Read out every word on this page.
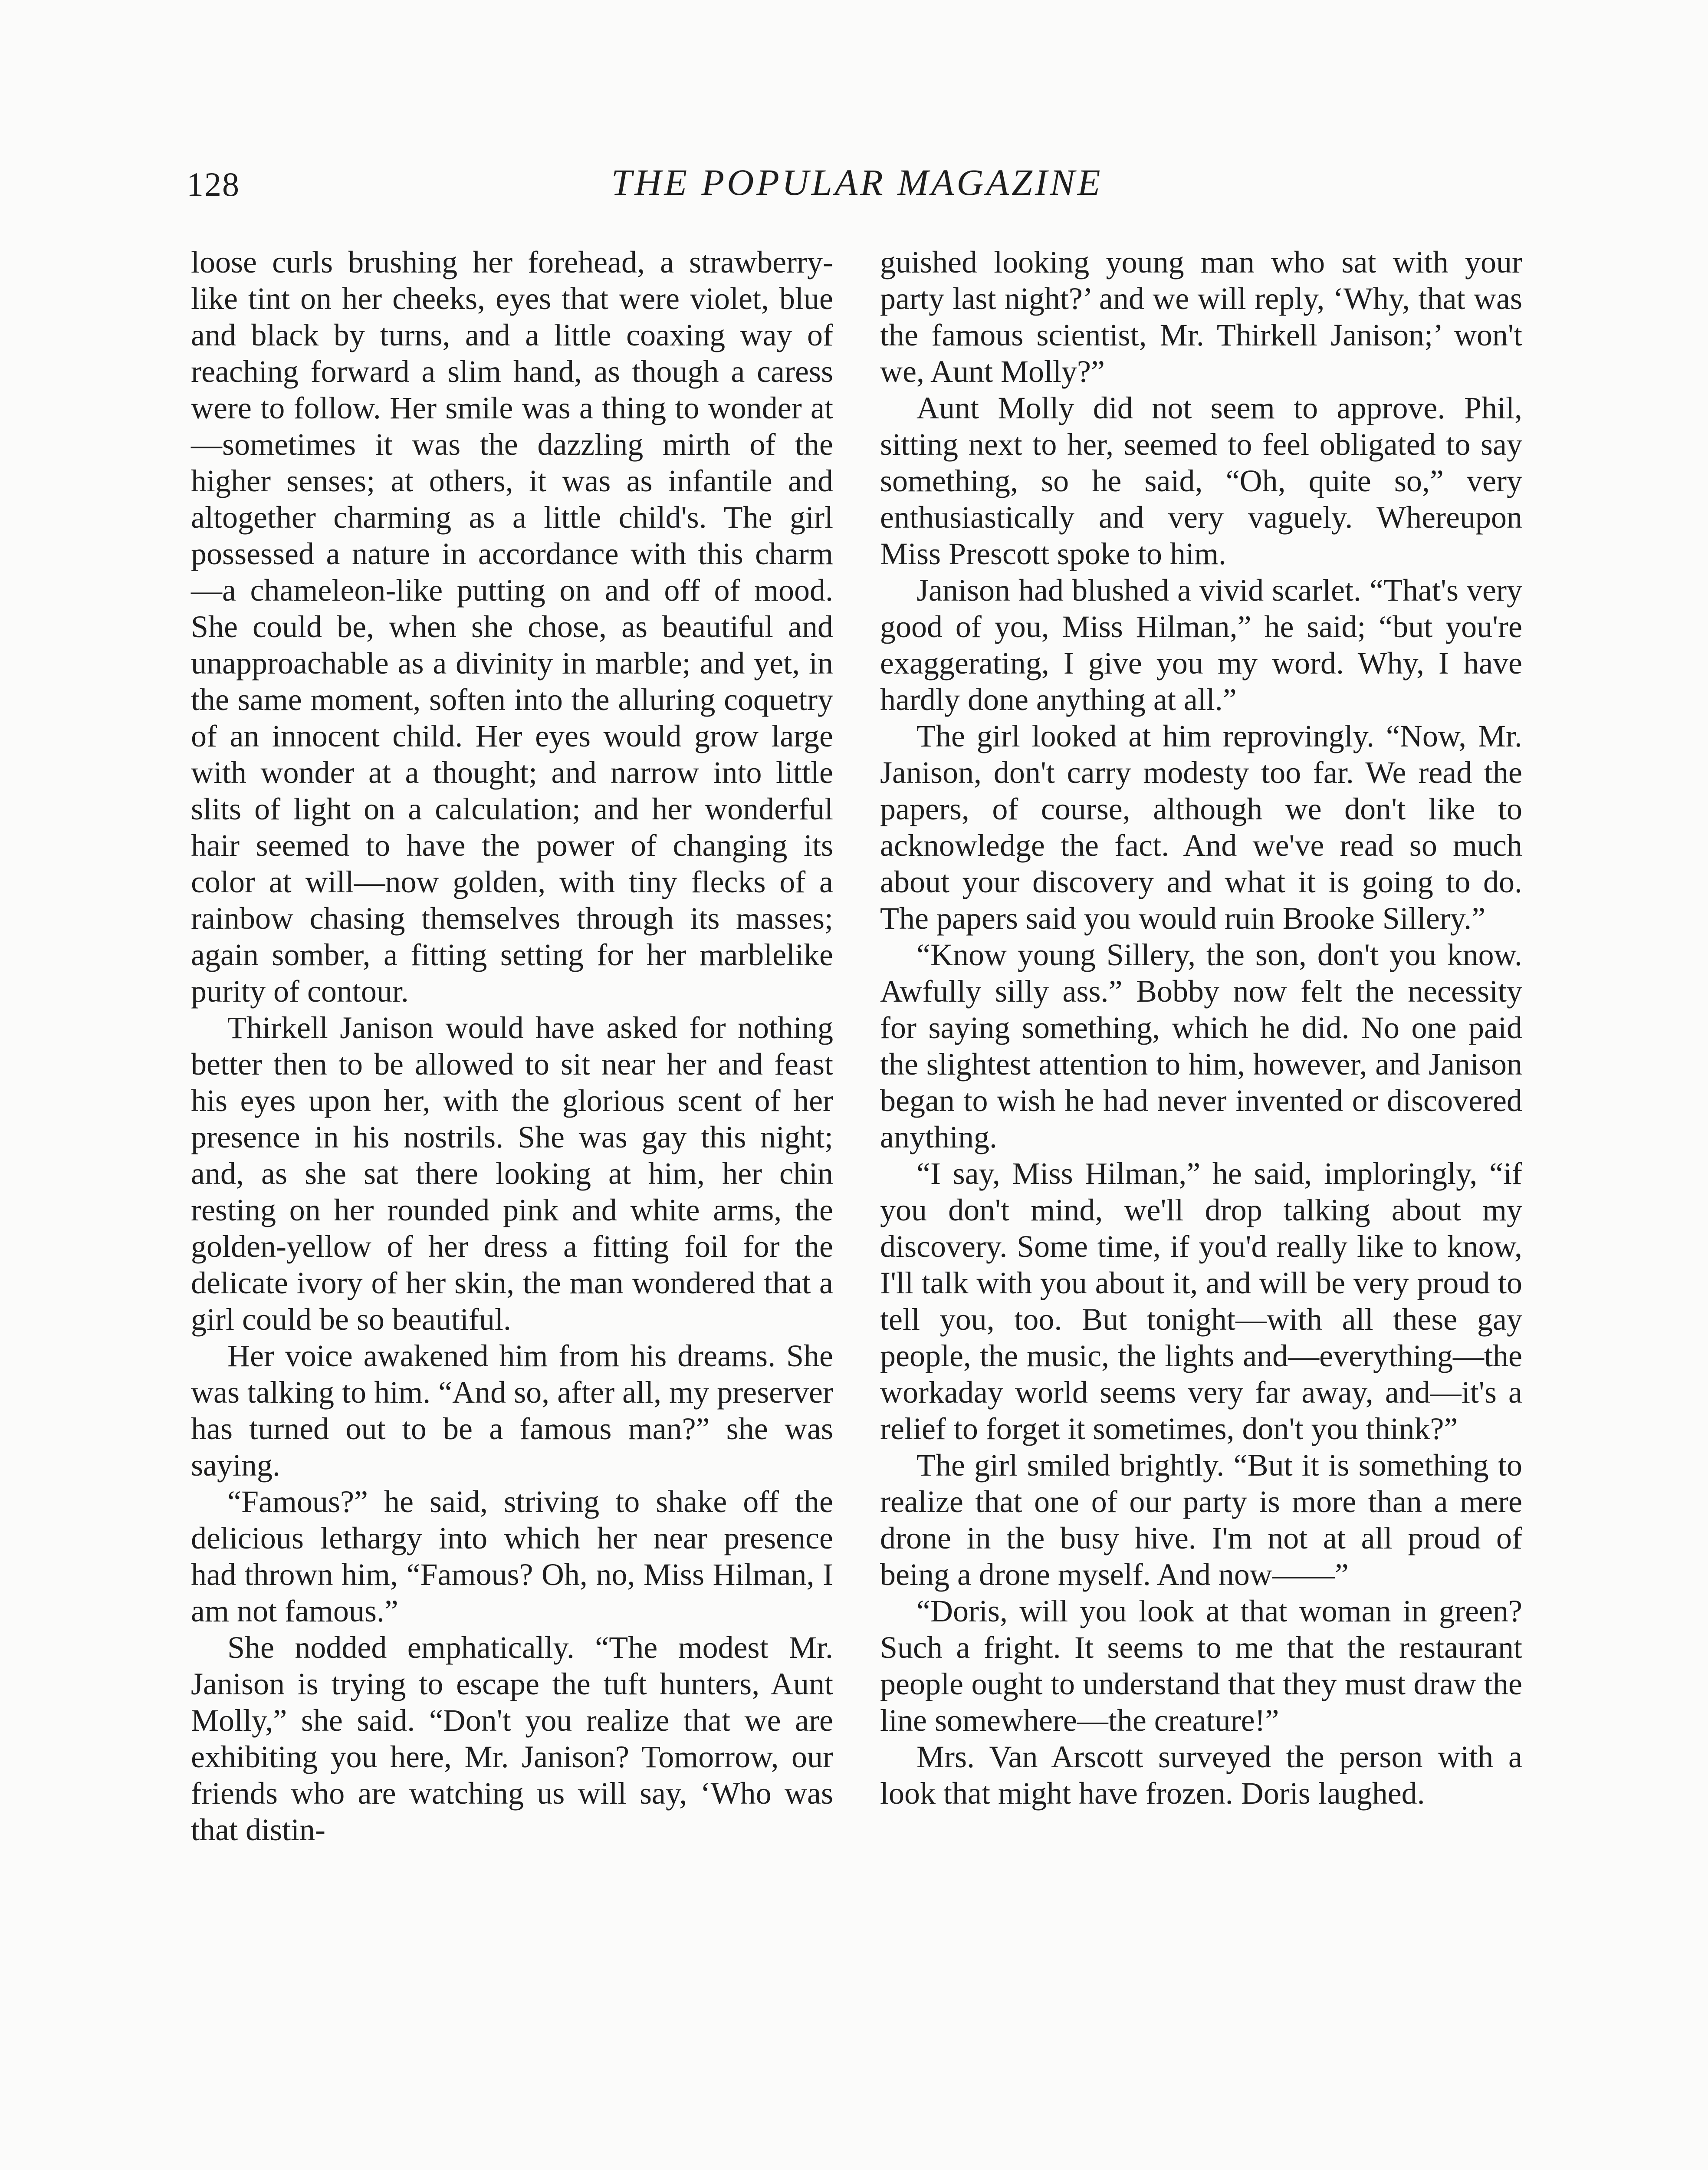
128	THE POPULAR MAGAZINE

loose curls brushing her forehead, a strawberry-like tint on her cheeks, eyes that were violet, blue and black by turns, and a little coaxing way of reaching forward a slim hand, as though a caress were to follow. Her smile was a thing to wonder at—sometimes it was the dazzling mirth of the higher senses; at others, it was as infantile and altogether charming as a little child's. The girl possessed a nature in accordance with this charm—a chameleon-like putting on and off of mood. She could be, when she chose, as beautiful and unapproachable as a divinity in marble; and yet, in the same moment, soften into the alluring coquetry of an innocent child. Her eyes would grow large with wonder at a thought; and narrow into little slits of light on a calculation; and her wonderful hair seemed to have the power of changing its color at will—now golden, with tiny flecks of a rainbow chasing themselves through its masses; again somber, a fitting setting for her marblelike purity of contour.

Thirkell Janison would have asked for nothing better then to be allowed to sit near her and feast his eyes upon her, with the glorious scent of her presence in his nostrils. She was gay this night; and, as she sat there looking at him, her chin resting on her rounded pink and white arms, the golden-yellow of her dress a fitting foil for the delicate ivory of her skin, the man wondered that a girl could be so beautiful.

Her voice awakened him from his dreams. She was talking to him. “And so, after all, my preserver has turned out to be a famous man?” she was saying.

“Famous?” he said, striving to shake off the delicious lethargy into which her near presence had thrown him, “Famous? Oh, no, Miss Hilman, I am not famous.”

She nodded emphatically. “The modest Mr. Janison is trying to escape the tuft hunters, Aunt Molly,” she said. “Don't you realize that we are exhibiting you here, Mr. Janison? Tomorrow, our friends who are watching us will say, ‘Who was that distin-

guished looking young man who sat with your party last night?’ and we will reply, ‘Why, that was the famous scientist, Mr. Thirkell Janison;’ won't we, Aunt Molly?”

Aunt Molly did not seem to approve. Phil, sitting next to her, seemed to feel obligated to say something, so he said, “Oh, quite so,” very enthusiastically and very vaguely. Whereupon Miss Prescott spoke to him.

Janison had blushed a vivid scarlet. “That's very good of you, Miss Hilman,” he said; “but you're exaggerating, I give you my word. Why, I have hardly done anything at all.”

The girl looked at him reprovingly. “Now, Mr. Janison, don't carry modesty too far. We read the papers, of course, although we don't like to acknowledge the fact. And we've read so much about your discovery and what it is going to do. The papers said you would ruin Brooke Sillery.”

“Know young Sillery, the son, don't you know. Awfully silly ass.” Bobby now felt the necessity for saying something, which he did. No one paid the slightest attention to him, however, and Janison began to wish he had never invented or discovered anything.

“I say, Miss Hilman,” he said, imploringly, “if you don't mind, we'll drop talking about my discovery. Some time, if you'd really like to know, I'll talk with you about it, and will be very proud to tell you, too. But tonight—with all these gay people, the music, the lights and—everything—the workaday world seems very far away, and—it's a relief to forget it sometimes, don't you think?”

The girl smiled brightly. “But it is something to realize that one of our party is more than a mere drone in the busy hive. I'm not at all proud of being a drone myself. And now——”

“Doris, will you look at that woman in green? Such a fright. It seems to me that the restaurant people ought to understand that they must draw the line somewhere—the creature!”

Mrs. Van Arscott surveyed the person with a look that might have frozen. Doris laughed.
